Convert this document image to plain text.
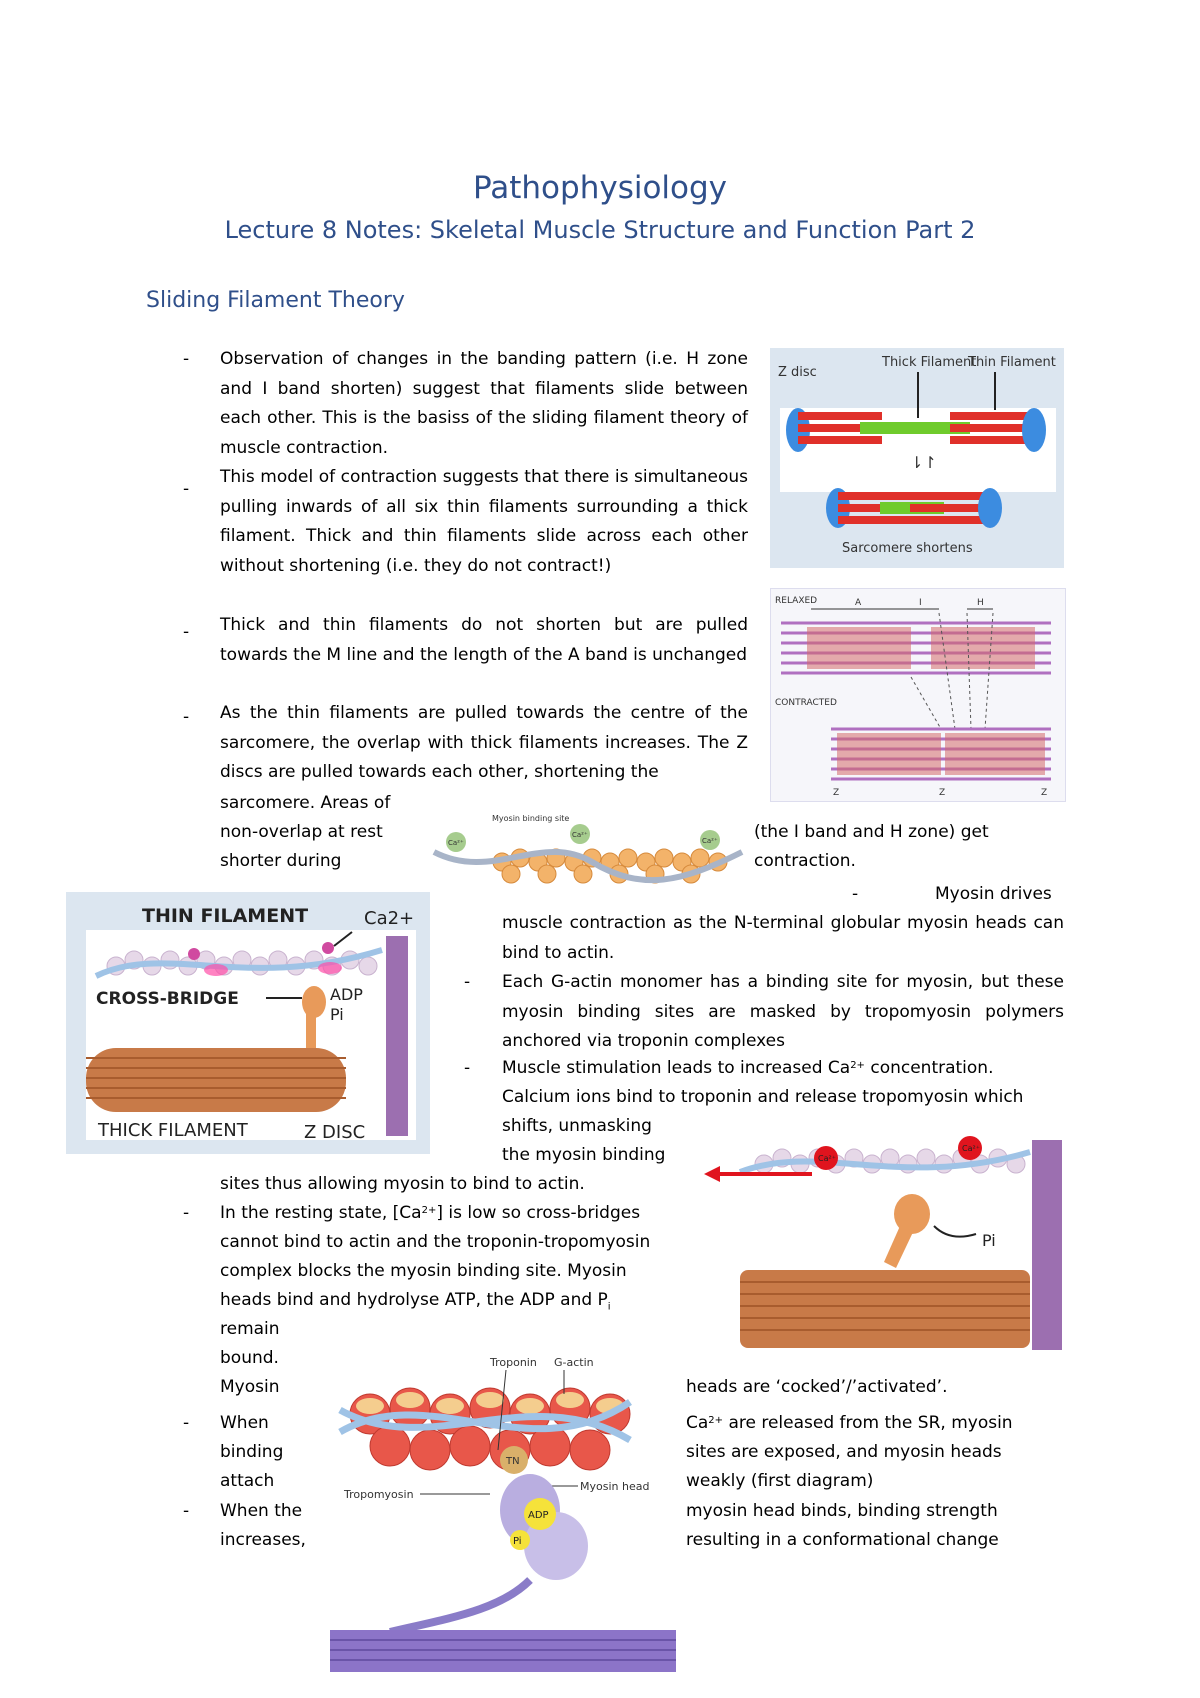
Pathophysiology
Lecture 8 Notes: Skeletal Muscle Structure and Function Part 2
Sliding Filament Theory
-
-
-
-
-
-
-
-
-
-
Observation of changes in the banding pattern (i.e. H zone and I band shorten) suggest that filaments slide between each other. This is the basiss of the sliding filament theory of muscle contraction.
This model of contraction suggests that there is simultaneous pulling inwards of all six thin filaments surrounding a thick filament. Thick and thin filaments slide across each other without shortening (i.e. they do not contract!)
Thick and thin filaments do not shorten but are pulled towards the M line and the length of the A band is unchanged
As the thin filaments are pulled towards the centre of the sarcomere, the overlap with thick filaments increases. The Z discs are pulled towards each other, shortening the
sarcomere. Areas of
non-overlap at rest	(the I band and H zone) get
shorter during	contraction.
Myosin drives
muscle contraction as the N-terminal globular myosin heads can bind to actin.
Each G-actin monomer has a binding site for myosin, but these myosin binding sites are masked by tropomyosin polymers anchored via troponin complexes
Muscle stimulation leads to increased $Ca^{2+}$ concentration.
Calcium ions bind to troponin and release tropomyosin which
shifts, unmasking
the myosin binding
sites thus allowing myosin to bind to actin.
In the resting state, $[Ca^{2+}]$ is low so cross-bridges
cannot bind to actin and the troponin-tropomyosin
complex blocks the myosin binding site. Myosin
heads bind and hydrolyse ATP, the ADP and $P_i$
remain
bound.
Myosin	heads are ‘cocked’/’activated’.
When	$Ca^{2+}$ are released from the SR, myosin
binding	sites are exposed, and myosin heads
attach	weakly (first diagram)
When the	myosin head binds, binding strength
increases,	resulting in a conformational change
Z disc
Thick Filament
Thin Filament
⇂↾
Sarcomere shortens
RELAXED	A	I	H
CONTRACTED
Z	Z	Z
Myosin binding site
Ca²⁺
Ca²⁺
Ca²⁺
THIN FILAMENT	Ca2+
CROSS-BRIDGE	ADP
Pi
THICK FILAMENT	Z DISC
Ca²⁺
Ca²⁺
Pi
Troponin G-actin
TN
Tropomyosin
Myosin head
ADP
Pi
